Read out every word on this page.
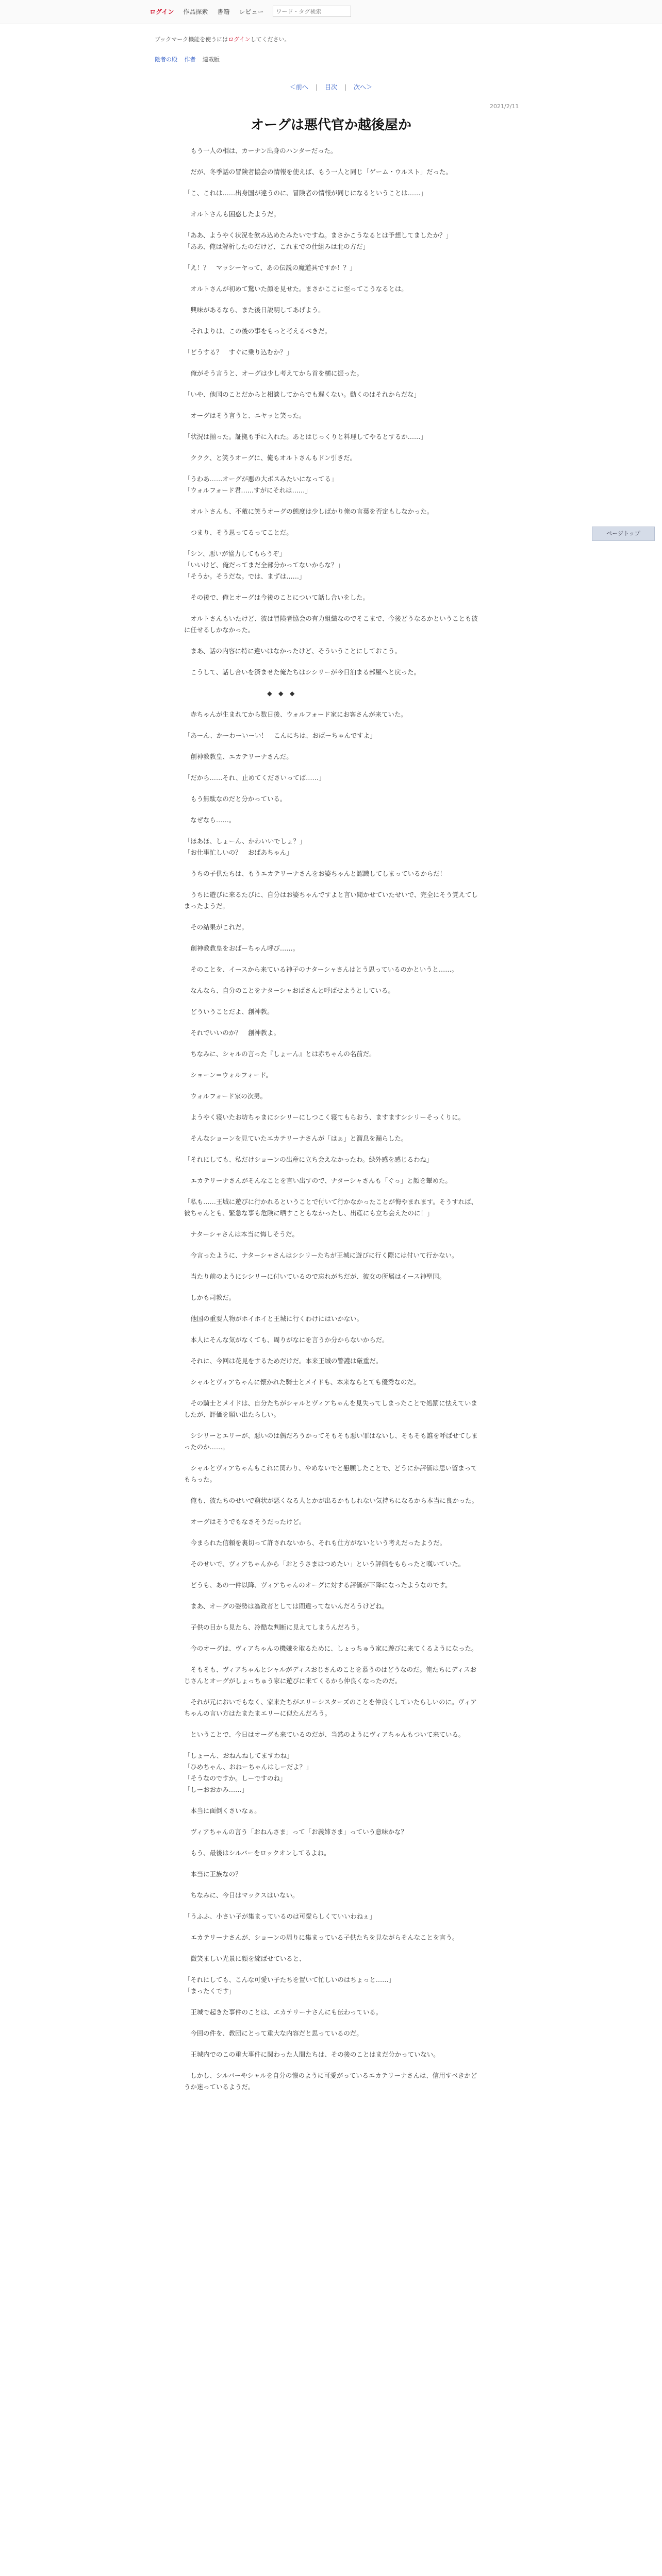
ログイン 作品探索 書籍 レビュー
ワード・タグ検索
ブックマーク機能を使うにはログインしてください。
陰者の殿 作者 連載版
＜前へ | 目次 | 次へ＞
2021/2/11
オーグは悪代官か越後屋か

　もう一人の相は、カーナン出身のハンターだった。

　だが、冬季話の冒険者協会の情報を使えば、もう一人と同じ「ゲーム・ウルスト」だった。

「こ、これは……出身国が違うのに、冒険者の情報が同じになるということは……」

　オルトさんも困惑したようだ。

「ああ、ようやく状況を飲み込めたみたいですね。まさかこうなるとは予想してましたか？」
「ああ、俺は解析したのだけど、これまでの仕組みは北の方だ」

「え！？　マッシーヤって、あの伝説の魔道具ですか！？」

　オルトさんが初めて驚いた顔を見せた。まさかここに至ってこうなるとは。

　興味があるなら、また後日説明してあげよう。

　それよりは、この後の事をもっと考えるべきだ。

「どうする？　すぐに乗り込むか？」

　俺がそう言うと、オーグは少し考えてから首を横に振った。

「いや、他国のことだからと相談してからでも遅くない。動くのはそれからだな」

　オーグはそう言うと、ニヤッと笑った。

「状況は揃った。証拠も手に入れた。あとはじっくりと料理してやるとするか……」

　ククク、と笑うオーグに、俺もオルトさんもドン引きだ。

「うわあ……オーグが悪の大ボスみたいになってる」
「ウォルフォード君……すがにそれは……」

　オルトさんも、不敵に笑うオーグの態度は少しばかり俺の言葉を否定もしなかった。

　つまり、そう思ってるってことだ。

「シン、悪いが協力してもらうぞ」
「いいけど、俺だってまだ全部分かってないからな？」
「そうか。そうだな。では、まずは……」

　その後で、俺とオーグは今後のことについて話し合いをした。

　オルトさんもいたけど、彼は冒険者協会の有力組織なのでそこまで、今後どうなるかということも彼に任せるしかなかった。

　まあ、話の内容に特に違いはなかったけど、そういうことにしておこう。

　こうして、話し合いを済ませた俺たちはシシリーが今日泊まる部屋へと戻った。

　　　　　　　　　　　　　◆　◆　◆

　赤ちゃんが生まれてから数日後、ウォルフォード家にお客さんが来ていた。

「あーん、かーわーいーい！　こんにちは、おばーちゃんですよ」

　創神教教皇、エカテリーナさんだ。

「だから……それ、止めてくださいってば……」

　もう無駄なのだと分かっている。

　なぜなら……。

「ほあほ、しょーん、かわいいでしょ？」
「お仕事忙しいの？　おばあちゃん」

　うちの子供たちは、もうエカテリーナさんをお婆ちゃんと認識してしまっているからだ！

　うちに遊びに来るたびに、自分はお婆ちゃんですよと言い聞かせていたせいで、完全にそう覚えてしまったようだ。

　その結果がこれだ。

　創神教教皇をおばーちゃん呼び……。

　そのことを、イースから来ている神子のナターシャさんはとう思っているのかというと……。

　なんなら、自分のことをナターシャおばさんと呼ばせようとしている。

　どういうことだよ、創神教。

　それでいいのか？　創神教よ。

　ちなみに、シャルの言った『しょーん』とは赤ちゃんの名前だ。

　ショーン＝ウォルフォード。

　ウォルフォード家の次男。

　ようやく寝いたお坊ちゃまにシシリーにしつこく寝てもらおう、ますますシシリーそっくりに。

　そんなショーンを見ていたエカテリーナさんが「はぁ」と溜息を漏らした。

「それにしても、私だけショーンの出産に立ち会えなかったわ。緑外感を感じるわね」

　エカテリーナさんがそんなことを言い出すので、ナターシャさんも「ぐっ」と顔を顰めた。

「私も……王城に遊びに行かれるということで付いて行かなかったことが悔やまれます。そうすれば、彼ちゃんとも、緊急な事も危険に晒すこともなかったし、出産にも立ち会えたのに！」

　ナターシャさんは本当に悔しそうだ。

　今言ったように、ナターシャさんはシシリーたちが王城に遊びに行く際には付いて行かない。

　当たり前のようにシシリーに付いているので忘れがちだが、彼女の所属はイース神聖国。

　しかも司教だ。

　他国の重要人物がホイホイと王城に行くわけにはいかない。

　本人にそんな気がなくても、周りがなにを言うか分からないからだ。

　それに、今回は花見をするためだけだ。本来王城の警護は厳重だ。

　シャルとヴィアちゃんに懐かれた騎士とメイドも、本来ならとても優秀なのだ。

　その騎士とメイドは、自分たちがシャルとヴィアちゃんを見失ってしまったことで処罰に怯えていましたが、評価を願い出たらしい。

　シシリーとエリーが、悪いのは偶だろうかってそもそも悪い罪はないし、そもそも誰を呼ばせてしまったのか……。

　シャルとヴィアちゃんもこれに関わり、やめないでと懇願したことで、どうにか評価は思い留まってもらった。

　俺も、彼たちのせいで窮状が悪くなる人とかが出るかもしれない気持ちになるから本当に良かった。

　オーグはそうでもなさそうだったけど。

　今まられた信頼を裏切って許されないから、それも仕方がないという考えだったようだ。

　そのせいで、ヴィアちゃんから「おとうさまはつめたい」という評価をもらったと嘆いていた。

　どうも、あの一件以降、ヴィアちゃんのオーグに対する評価が下降になったようなのです。

　まあ、オーグの姿勢は為政者としては間違ってないんだろうけどね。

　子供の目から見たら、冷酷な判断に見えてしまうんだろう。

　今のオーグは、ヴィアちゃんの機嫌を取るために、しょっちゅう家に遊びに来てくるようになった。

　そもそも、ヴィアちゃんとシャルがディスおじさんのことを慕うのはどうなのだ。俺たちにディスおじさんとオーグがしょっちゅう家に遊びに来てくるから仲良くなったのだ。

　それが元においでもなく、家来たちがエリーシスターズのことを仲良くしていたらしいのに。ヴィアちゃんの言い方はたまたまエリーに似たんだろう。

　ということで、今日はオーグも来ているのだが、当然のようにヴィアちゃんもついて来ている。

「しょーん、おねんねしてますわね」
「ひめちゃん、おねーちゃんはしーだよ？」
「そうなのですか。しーですのね」
「しーおおかみ……」

　本当に面倒くさいなぁ。

　ヴィアちゃんの言う「おねんさま」って「お義姉さま」っていう意味かな？

　もう、最後はシルバーをロックオンしてるよね。

　本当に王族なの？

　ちなみに、今日はマックスはいない。

「うふふ、小さい子が集まっているのは可愛らしくていいわねぇ」

　エカテリーナさんが、ショーンの周りに集まっている子供たちを見ながらそんなことを言う。

　微笑ましい光景に顔を綻ばせていると、

「それにしても、こんな可愛い子たちを置いて忙しいのはちょっと……」
「まったくです」

　王城で起きた事件のことは、エカテリーナさんにも伝わっている。

　今回の件を、教団にとって重大な内容だと思っているのだ。

　王城内でのこの重大事件に関わった人間たちは、その後のことはまだ分かっていない。

　しかし、シルバーやシャルを自分の懐のように可愛がっているエカテリーナさんは、信用すべきかどうか迷っているようだ。

ページトップ
